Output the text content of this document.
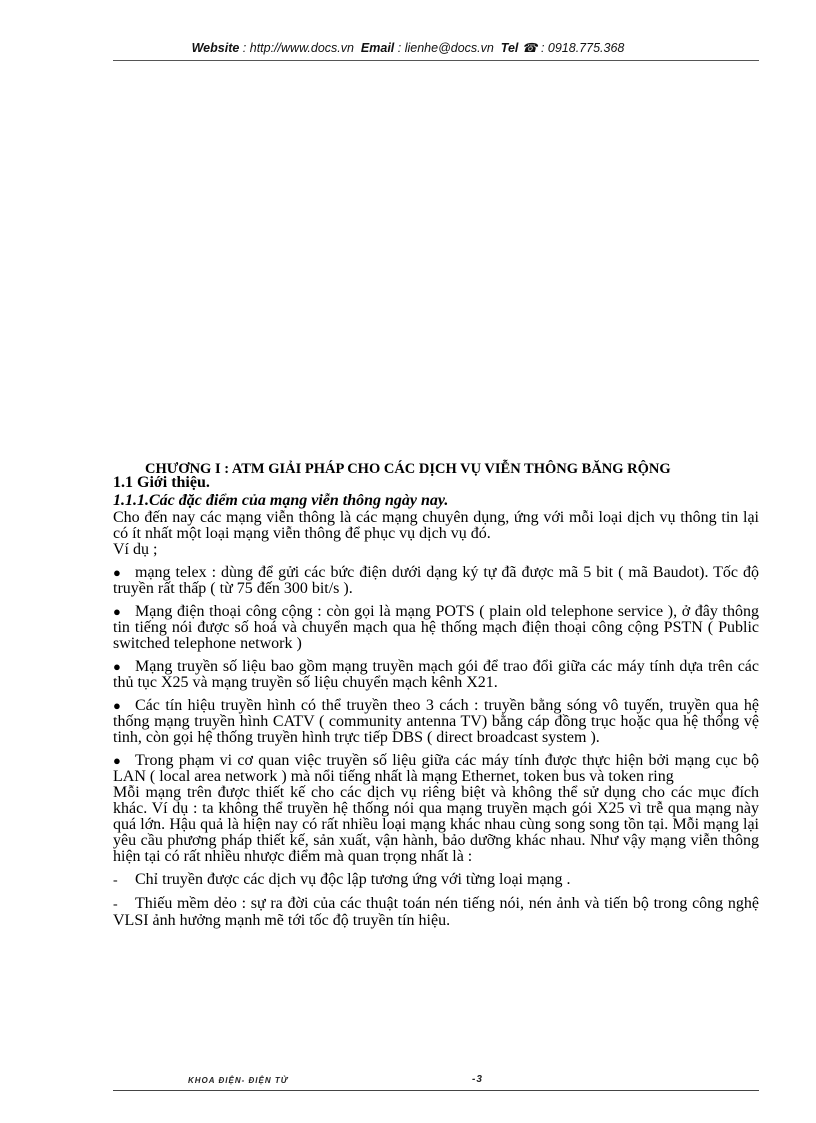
Website : http://www.docs.vn Email : lienhe@docs.vn Tel ☎ : 0918.775.368
CHƯƠNG I : ATM GIẢI PHÁP CHO CÁC DỊCH VỤ VIỄN THÔNG BĂNG RỘNG
1.1 Giới thiệu.
1.1.1.Các đặc điểm của mạng viễn thông ngày nay.
Cho đến nay các mạng viễn thông là các mạng chuyên dụng, ứng với mỗi loại dịch vụ thông tin lại có ít nhất một loại mạng viễn thông để phục vụ dịch vụ đó.
Ví dụ ;
● mạng telex : dùng để gửi các bức điện dưới dạng ký tự đã được mã 5 bit ( mã Baudot). Tốc độ truyền rất thấp ( từ 75 đến 300 bit/s ).
● Mạng điện thoại công cộng : còn gọi là mạng POTS ( plain old telephone service ), ở đây thông tin tiếng nói được số hoá và chuyển mạch qua hệ thống mạch điện thoại công cộng PSTN ( Public switched telephone network )
● Mạng truyền số liệu bao gồm mạng truyền mạch gói để trao đổi giữa các máy tính dựa trên các thủ tục X25 và mạng truyền số liệu chuyển mạch kênh X21.
● Các tín hiệu truyền hình có thể truyền theo 3 cách : truyền bằng sóng vô tuyến, truyền qua hệ thống mạng truyền hình CATV ( community antenna TV) bằng cáp đồng trục hoặc qua hệ thống vệ tinh, còn gọi hệ thống truyền hình trực tiếp DBS ( direct broadcast system ).
● Trong phạm vi cơ quan việc truyền số liệu giữa các máy tính được thực hiện bởi mạng cục bộ LAN ( local area network ) mà nổi tiếng nhất là mạng Ethernet, token bus và token ring
Mỗi mạng trên được thiết kế cho các dịch vụ riêng biệt và không thể sử dụng cho các mục đích khác. Ví dụ : ta không thể truyền hệ thống nói qua mạng truyền mạch gói X25 vì trễ qua mạng này quá lớn. Hậu quả là hiện nay có rất nhiều loại mạng khác nhau cùng song song tồn tại. Mỗi mạng lại yêu cầu phương pháp thiết kế, sản xuất, vận hành, bảo dưỡng khác nhau. Như vậy mạng viễn thông hiện tại có rất nhiều nhược điểm mà quan trọng nhất là :
- Chỉ truyền được các dịch vụ độc lập tương ứng với từng loại mạng .
- Thiếu mềm dẻo : sự ra đời của các thuật toán nén tiếng nói, nén ảnh và tiến bộ trong công nghệ VLSI ảnh hưởng mạnh mẽ tới tốc độ truyền tín hiệu.
KHOA ĐIỆN- ĐIỆN TỬ	-3
